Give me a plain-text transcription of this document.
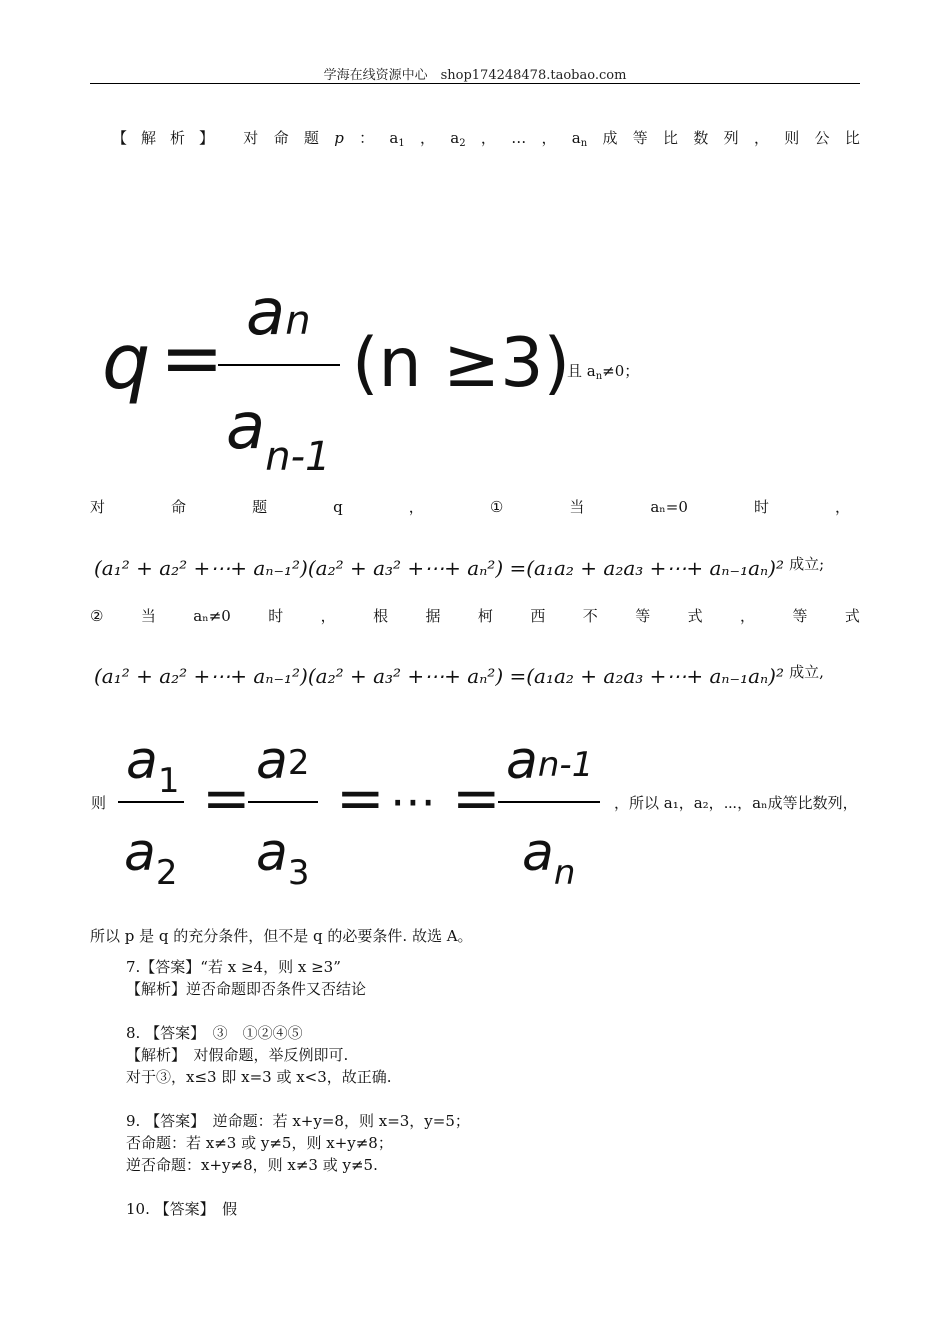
学海在线资源中心　shop174248478.taobao.com
【解析】 对 命 题 p ： $a_1$ ， $a_2$ ， … ， $a_n$ 成 等 比 数 列 ， 则 公 比
q = an
$a_{n-1}$
(n ≥3)
且 $a_n\ne 0$；
对	命	题	q	，	①	当	aₙ=0	时	，
(a₁² + a₂² +⋯+ aₙ₋₁²)(a₂² + a₃² +⋯+ aₙ²) =(a₁a₂ + a₂a₃ +⋯+ aₙ₋₁aₙ)² 成立;
② 当 aₙ≠0 时 ， 根 据 柯 西 不 等 式 ， 等 式
(a₁² + a₂² +⋯+ aₙ₋₁²)(a₂² + a₃² +⋯+ aₙ²) =(a₁a₂ + a₂a₃ +⋯+ aₙ₋₁aₙ)² 成立,
则
$a_1$
$a_2$
=
a2
$a_3$
= ⋯ =
an-1
$a_n$
，所以 a₁，a₂，⋯，aₙ成等比数列，
所以 p 是 q 的充分条件，但不是 q 的必要条件. 故选 A。
7.【答案】“若 x ≥4，则 x ≥3”
【解析】逆否命题即否条件又否结论
8. 【答案】　③　①②④⑤
【解析】　对假命题，举反例即可.
对于③，x≤3 即 x=3 或 x<3，故正确.
9. 【答案】　逆命题：若 x+y=8，则 x=3，y=5；
否命题：若 x≠3 或 y≠5，则 x+y≠8；
逆否命题：x+y≠8，则 x≠3 或 y≠5.
10. 【答案】　假
